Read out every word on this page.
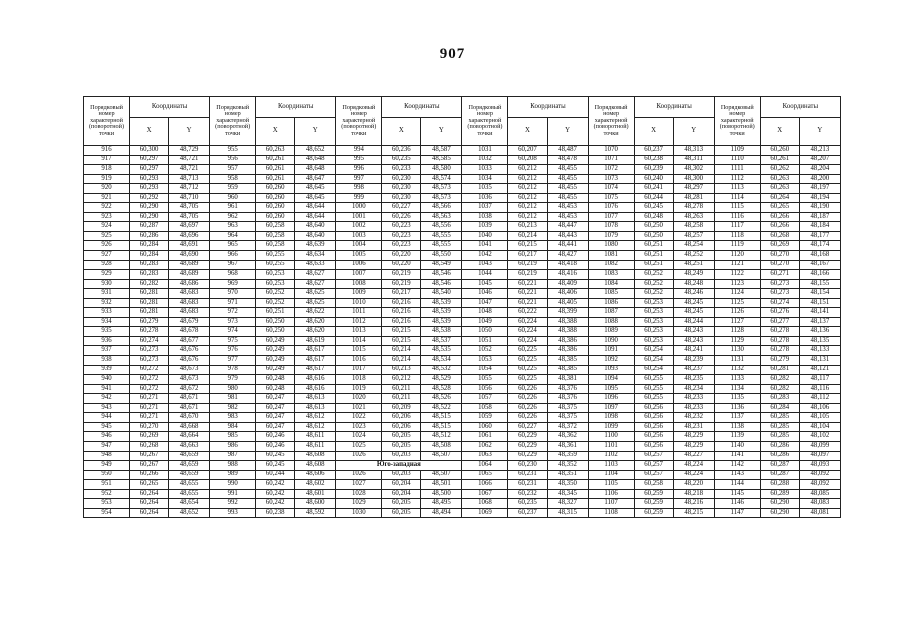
907
Порядковый номер характерной (поворотной) точки	Координаты		Порядковый номер характерной (поворотной) точки	Координаты		Порядковый номер характерной (поворотной) точки	Координаты		Порядковый номер характерной (поворотной) точки	Координаты		Порядковый номер характерной (поворотной) точки	Координаты		Порядковый номер характерной (поворотной) точки	Координаты	
	X	Y		X	Y		X	Y		X	Y		X	Y		X	Y
916	60,300	48,729	955	60,263	48,652	994	60,236	48,587	1031	60,207	48,487	1070	60,237	48,313	1109	60,260	48,213
917	60,297	48,721	956	60,261	48,648	995	60,235	48,585	1032	60,208	48,478	1071	60,238	48,311	1110	60,261	48,207
918	60,297	48,721	957	60,261	48,648	996	60,233	48,580	1033	60,212	48,455	1072	60,239	48,302	1111	60,262	48,204
919	60,293	48,713	958	60,261	48,647	997	60,230	48,574	1034	60,212	48,455	1073	60,240	48,300	1112	60,263	48,200
920	60,293	48,712	959	60,260	48,645	998	60,230	48,573	1035	60,212	48,455	1074	60,241	48,297	1113	60,263	48,197
921	60,292	48,710	960	60,260	48,645	999	60,230	48,573	1036	60,212	48,455	1075	60,244	48,281	1114	60,264	48,194
922	60,290	48,705	961	60,260	48,644	1000	60,227	48,566	1037	60,212	48,453	1076	60,245	48,278	1115	60,265	48,190
923	60,290	48,705	962	60,260	48,644	1001	60,226	48,563	1038	60,212	48,453	1077	60,248	48,263	1116	60,266	48,187
924	60,287	48,697	963	60,258	48,640	1002	60,223	48,556	1039	60,213	48,447	1078	60,250	48,258	1117	60,266	48,184
925	60,286	48,696	964	60,258	48,640	1003	60,223	48,555	1040	60,214	48,443	1079	60,250	48,257	1118	60,268	48,177
926	60,284	48,691	965	60,258	48,639	1004	60,223	48,555	1041	60,215	48,441	1080	60,251	48,254	1119	60,269	48,174
927	60,284	48,690	966	60,255	48,634	1005	60,220	48,550	1042	60,217	48,427	1081	60,251	48,252	1120	60,270	48,168
928	60,283	48,689	967	60,255	48,633	1006	60,220	48,549	1043	60,219	48,418	1082	60,251	48,251	1121	60,270	48,167
929	60,283	48,689	968	60,253	48,627	1007	60,219	48,546	1044	60,219	48,416	1083	60,252	48,249	1122	60,271	48,166
930	60,282	48,686	969	60,253	48,627	1008	60,219	48,546	1045	60,221	48,409	1084	60,252	48,248	1123	60,273	48,155
931	60,281	48,683	970	60,252	48,625	1009	60,217	48,540	1046	60,221	48,406	1085	60,252	48,246	1124	60,273	48,154
932	60,281	48,683	971	60,252	48,625	1010	60,216	48,539	1047	60,221	48,405	1086	60,253	48,245	1125	60,274	48,151
933	60,281	48,683	972	60,251	48,622	1011	60,216	48,539	1048	60,222	48,399	1087	60,253	48,245	1126	60,276	48,141
934	60,279	48,679	973	60,250	48,620	1012	60,216	48,539	1049	60,224	48,388	1088	60,253	48,244	1127	60,277	48,137
935	60,278	48,678	974	60,250	48,620	1013	60,215	48,538	1050	60,224	48,388	1089	60,253	48,243	1128	60,278	48,136
936	60,274	48,677	975	60,249	48,619	1014	60,215	48,537	1051	60,224	48,386	1090	60,253	48,243	1129	60,278	48,135
937	60,273	48,676	976	60,249	48,617	1015	60,214	48,535	1052	60,225	48,386	1091	60,254	48,241	1130	60,278	48,133
938	60,273	48,676	977	60,249	48,617	1016	60,214	48,534	1053	60,225	48,385	1092	60,254	48,239	1131	60,279	48,131
939	60,272	48,673	978	60,249	48,617	1017	60,213	48,532	1054	60,225	48,385	1093	60,254	48,237	1132	60,281	48,121
940	60,272	48,673	979	60,248	48,616	1018	60,212	48,529	1055	60,225	48,381	1094	60,255	48,235	1133	60,282	48,117
941	60,272	48,672	980	60,248	48,616	1019	60,211	48,528	1056	60,226	48,376	1095	60,255	48,234	1134	60,282	48,116
942	60,271	48,671	981	60,247	48,613	1020	60,211	48,526	1057	60,226	48,376	1096	60,255	48,233	1135	60,283	48,112
943	60,271	48,671	982	60,247	48,613	1021	60,209	48,522	1058	60,226	48,375	1097	60,256	48,233	1136	60,284	48,106
944	60,271	48,670	983	60,247	48,612	1022	60,206	48,515	1059	60,226	48,375	1098	60,256	48,232	1137	60,285	48,105
945	60,270	48,668	984	60,247	48,612	1023	60,206	48,515	1060	60,227	48,372	1099	60,256	48,231	1138	60,285	48,104
946	60,269	48,664	985	60,246	48,611	1024	60,205	48,512	1061	60,229	48,362	1100	60,256	48,229	1139	60,285	48,102
947	60,268	48,663	986	60,246	48,611	1025	60,205	48,508	1062	60,229	48,361	1101	60,256	48,229	1140	60,286	48,099
948	60,267	48,659	987	60,245	48,608	1026	60,203	48,507	1063	60,229	48,359	1102	60,257	48,227	1141	60,286	48,097
949	60,267	48,659	988	60,245	48,608	Юго-западная			1064	60,230	48,352	1103	60,257	48,224	1142	60,287	48,093
950	60,266	48,659	989	60,244	48,606	1026	60,203	48,507	1065	60,231	48,351	1104	60,257	48,224	1143	60,287	48,092
951	60,265	48,655	990	60,242	48,602	1027	60,204	48,501	1066	60,231	48,350	1105	60,258	48,220	1144	60,288	48,092
952	60,264	48,655	991	60,242	48,601	1028	60,204	48,500	1067	60,232	48,345	1106	60,259	48,218	1145	60,289	48,085
953	60,264	48,654	992	60,242	48,600	1029	60,205	48,495	1068	60,235	48,327	1107	60,259	48,216	1146	60,290	48,083
954	60,264	48,652	993	60,238	48,592	1030	60,205	48,494	1069	60,237	48,315	1108	60,259	48,215	1147	60,290	48,081
